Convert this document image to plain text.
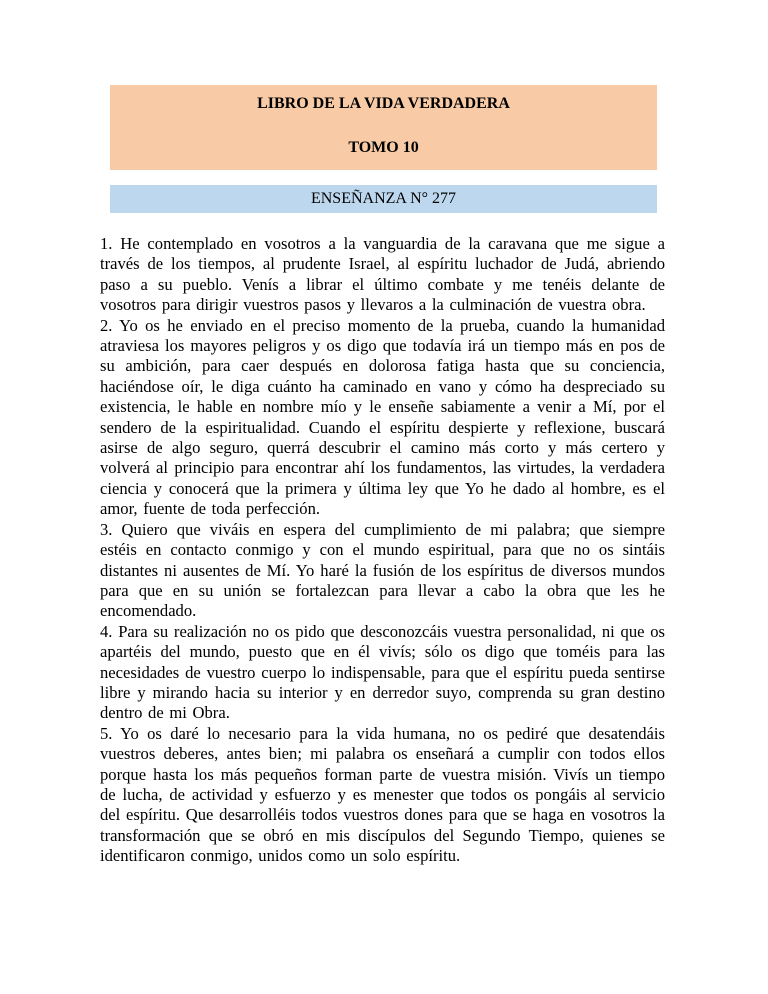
LIBRO DE LA VIDA VERDADERA
TOMO 10
ENSEÑANZA N° 277

1. He contemplado en vosotros a la vanguardia de la caravana que me sigue a través de los tiempos, al prudente Israel, al espíritu luchador de Judá, abriendo paso a su pueblo. Venís a librar el último combate y me tenéis delante de vosotros para dirigir vuestros pasos y llevaros a la culminación de vuestra obra.

2. Yo os he enviado en el preciso momento de la prueba, cuando la humanidad atraviesa los mayores peligros y os digo que todavía irá un tiempo más en pos de su ambición, para caer después en dolorosa fatiga hasta que su conciencia, haciéndose oír, le diga cuánto ha caminado en vano y cómo ha despreciado su existencia, le hable en nombre mío y le enseñe sabiamente a venir a Mí, por el sendero de la espiritualidad. Cuando el espíritu despierte y reflexione, buscará asirse de algo seguro, querrá descubrir el camino más corto y más certero y volverá al principio para encontrar ahí los fundamentos, las virtudes, la verdadera ciencia y conocerá que la primera y última ley que Yo he dado al hombre, es el amor, fuente de toda perfección.

3. Quiero que viváis en espera del cumplimiento de mi palabra; que siempre estéis en contacto conmigo y con el mundo espiritual, para que no os sintáis distantes ni ausentes de Mí. Yo haré la fusión de los espíritus de diversos mundos para que en su unión se fortalezcan para llevar a cabo la obra que les he encomendado.

4. Para su realización no os pido que desconozcáis vuestra personalidad, ni que os apartéis del mundo, puesto que en él vivís; sólo os digo que toméis para las necesidades de vuestro cuerpo lo indispensable, para que el espíritu pueda sentirse libre y mirando hacia su interior y en derredor suyo, comprenda su gran destino dentro de mi Obra.

5. Yo os daré lo necesario para la vida humana, no os pediré que desatendáis vuestros deberes, antes bien; mi palabra os enseñará a cumplir con todos ellos porque hasta los más pequeños forman parte de vuestra misión. Vivís un tiempo de lucha, de actividad y esfuerzo y es menester que todos os pongáis al servicio del espíritu. Que desarrolléis todos vuestros dones para que se haga en vosotros la transformación que se obró en mis discípulos del Segundo Tiempo, quienes se identificaron conmigo, unidos como un solo espíritu.
